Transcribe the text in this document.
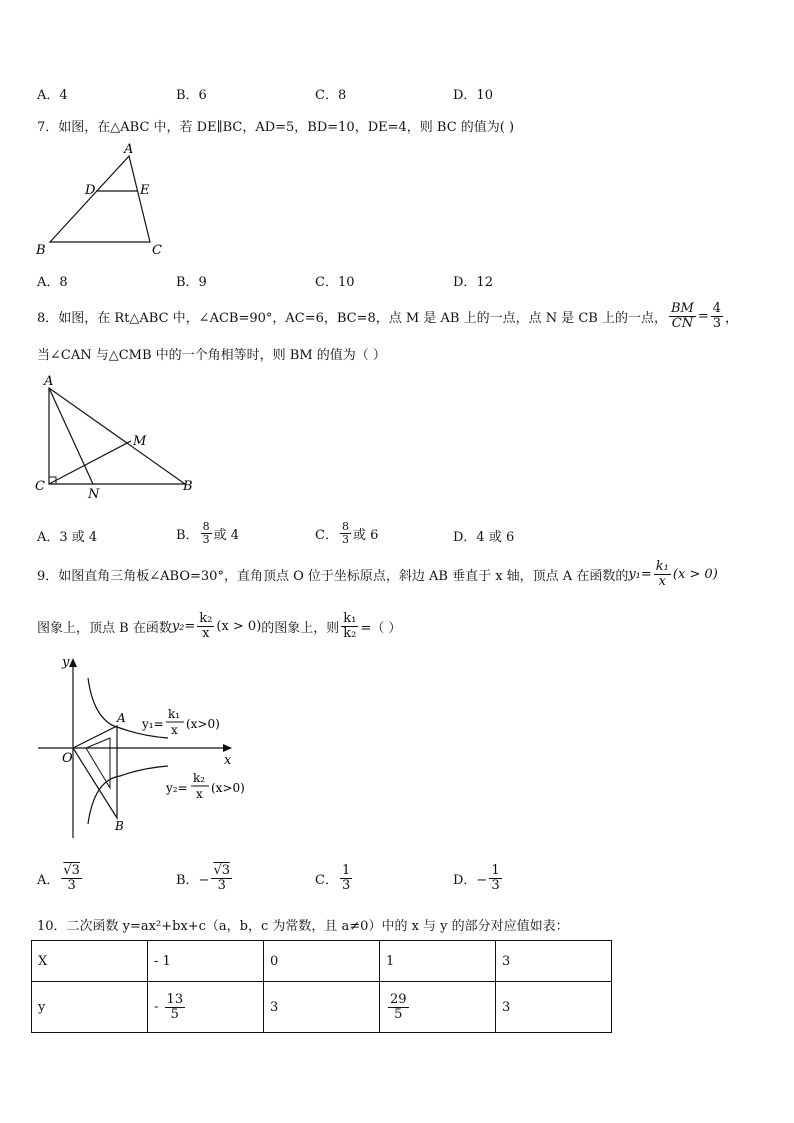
A．4	B．6	C．8	D．10
7．如图，在△ABC 中，若 DE∥BC，AD=5，BD=10，DE=4，则 BC 的值为( )
A
D	E
B	C
A．8	B．9	C．10	D．12
8．如图，在 Rt△ABC 中，∠ACB=90°，AC=6，BC=8，点 M 是 AB 上的一点，点 N 是 CB 上的一点， $\frac{BM}{CN} = \frac{4}{3}$ ，
当∠CAN 与△CMB 中的一个角相等时，则 BM 的值为（ ）
A
C	B
M
N
A．3 或 4	B． $\frac{8}{3}$ 或 4	C． $\frac{8}{3}$ 或 6	D．4 或 6
9．如图直角三角板∠ABO=30°，直角顶点 O 位于坐标原点，斜边 AB 垂直于 x 轴，顶点 A 在函数的 $y_1= \frac{\text{k₁}}{x} (x > 0)$
图象上，顶点 B 在函数 $y_2= \frac{\text{k₂}}{x} (x > 0)$ 的图象上，则 $\frac{\text{k₁}}{\text{k₂}}$ =（ ）
y
x
O
A
B
y₁=
k₁
x (x>0)
y₂=
k₂
x (x>0)
A． $\frac{√3}{3}$	B．− $\frac{√3}{3}$	C． $\frac{1}{3}$	D．− $\frac{1}{3}$
10．二次函数 y=ax²+bx+c（a，b，c 为常数，且 a≠0）中的 x 与 y 的部分对应值如表：
X	- 1	0	1	3
y	- $\frac{13}{5}$	3	$\frac{29}{5}$	3
